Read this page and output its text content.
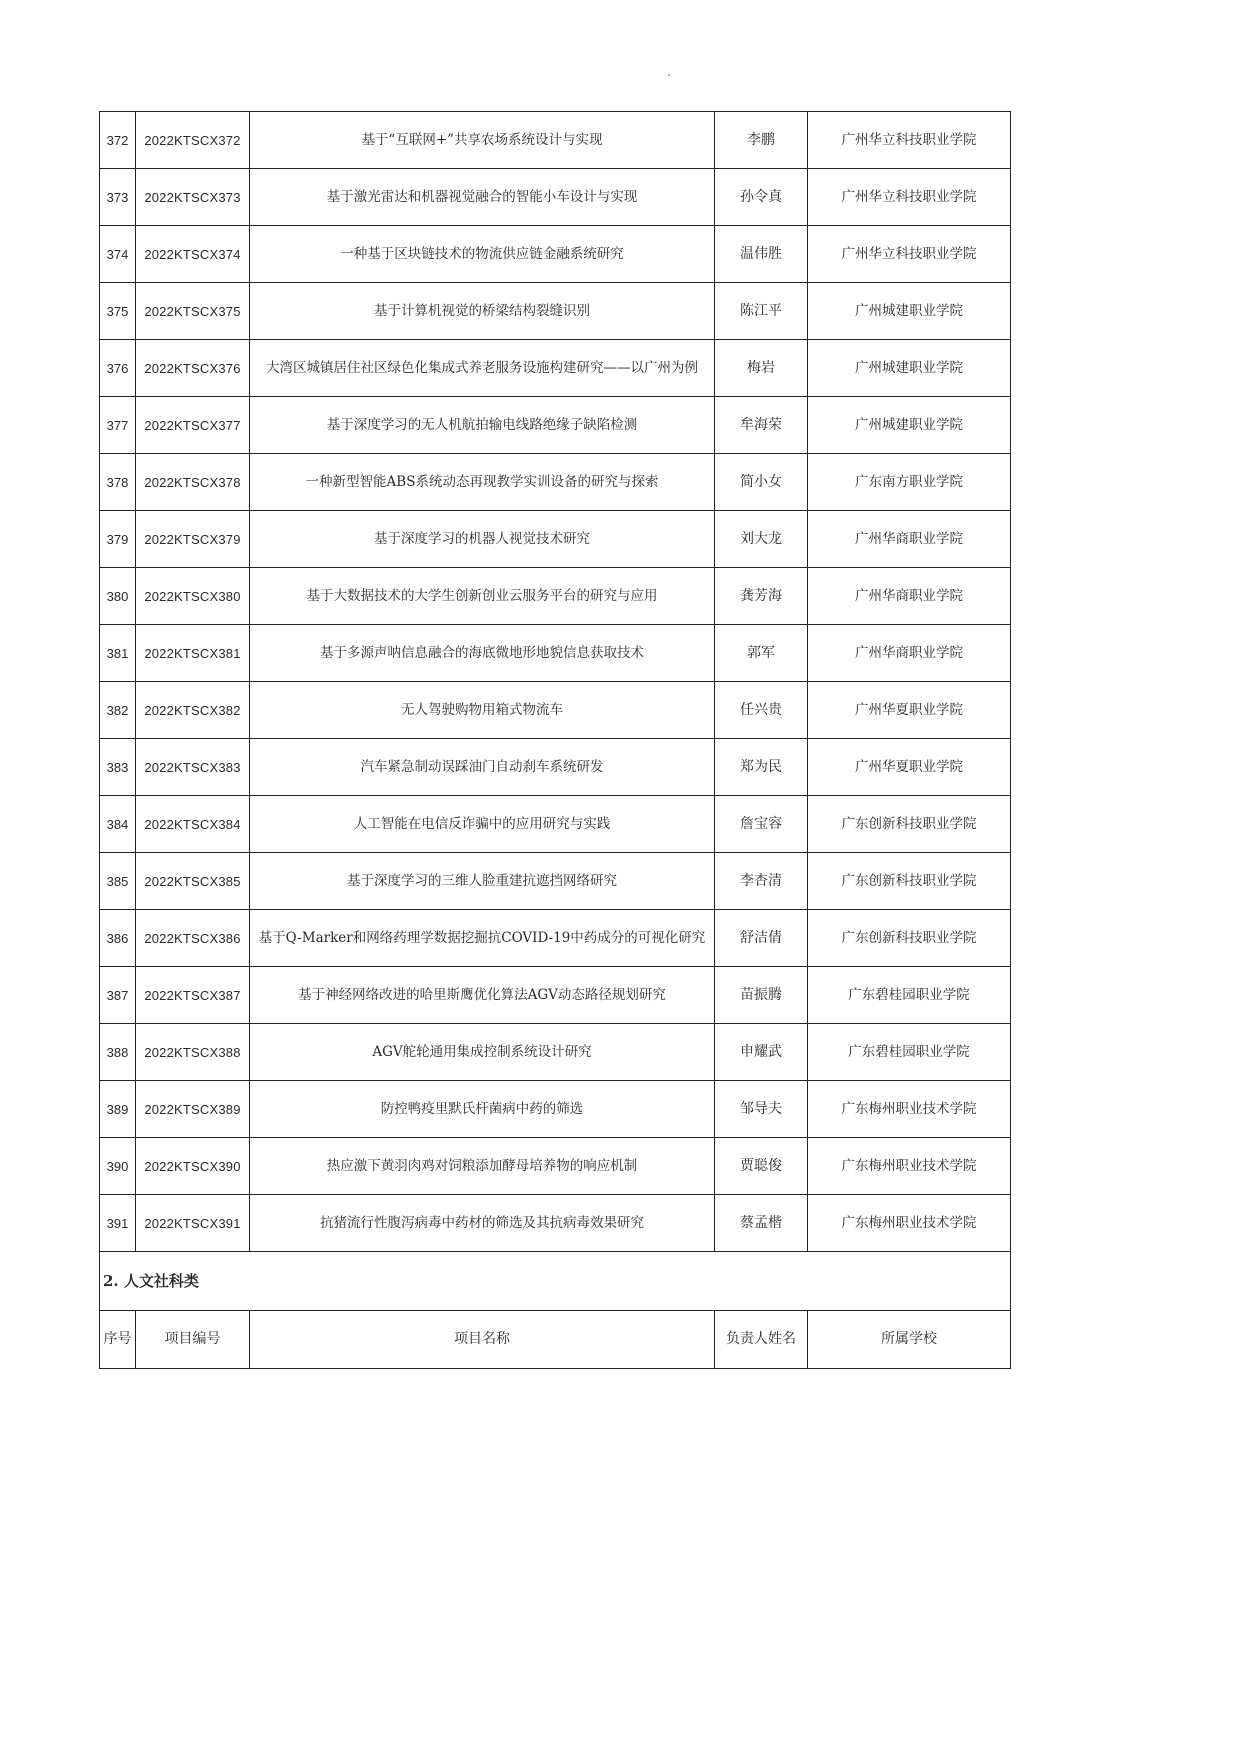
372	2022KTSCX372	基于“互联网+”共享农场系统设计与实现	李鹏	广州华立科技职业学院
373	2022KTSCX373	基于激光雷达和机器视觉融合的智能小车设计与实现	孙令真	广州华立科技职业学院
374	2022KTSCX374	一种基于区块链技术的物流供应链金融系统研究	温伟胜	广州华立科技职业学院
375	2022KTSCX375	基于计算机视觉的桥梁结构裂缝识别	陈江平	广州城建职业学院
376	2022KTSCX376	大湾区城镇居住社区绿色化集成式养老服务设施构建研究——以广州为例	梅岩	广州城建职业学院
377	2022KTSCX377	基于深度学习的无人机航拍输电线路绝缘子缺陷检测	牟海荣	广州城建职业学院
378	2022KTSCX378	一种新型智能ABS系统动态再现教学实训设备的研究与探索	简小女	广东南方职业学院
379	2022KTSCX379	基于深度学习的机器人视觉技术研究	刘大龙	广州华商职业学院
380	2022KTSCX380	基于大数据技术的大学生创新创业云服务平台的研究与应用	龚芳海	广州华商职业学院
381	2022KTSCX381	基于多源声呐信息融合的海底微地形地貌信息获取技术	郭军	广州华商职业学院
382	2022KTSCX382	无人驾驶购物用箱式物流车	任兴贵	广州华夏职业学院
383	2022KTSCX383	汽车紧急制动误踩油门自动刹车系统研发	郑为民	广州华夏职业学院
384	2022KTSCX384	人工智能在电信反诈骗中的应用研究与实践	詹宝容	广东创新科技职业学院
385	2022KTSCX385	基于深度学习的三维人脸重建抗遮挡网络研究	李杏清	广东创新科技职业学院
386	2022KTSCX386	基于Q-Marker和网络药理学数据挖掘抗COVID-19中药成分的可视化研究	舒洁倩	广东创新科技职业学院
387	2022KTSCX387	基于神经网络改进的哈里斯鹰优化算法AGV动态路径规划研究	苗振腾	广东碧桂园职业学院
388	2022KTSCX388	AGV舵轮通用集成控制系统设计研究	申耀武	广东碧桂园职业学院
389	2022KTSCX389	防控鸭疫里默氏杆菌病中药的筛选	邹导夫	广东梅州职业技术学院
390	2022KTSCX390	热应激下黄羽肉鸡对饲粮添加酵母培养物的响应机制	贾聪俊	广东梅州职业技术学院
391	2022KTSCX391	抗猪流行性腹泻病毒中药材的筛选及其抗病毒效果研究	蔡孟楷	广东梅州职业技术学院
2. 人文社科类				
序号	项目编号	项目名称	负责人姓名	所属学校
